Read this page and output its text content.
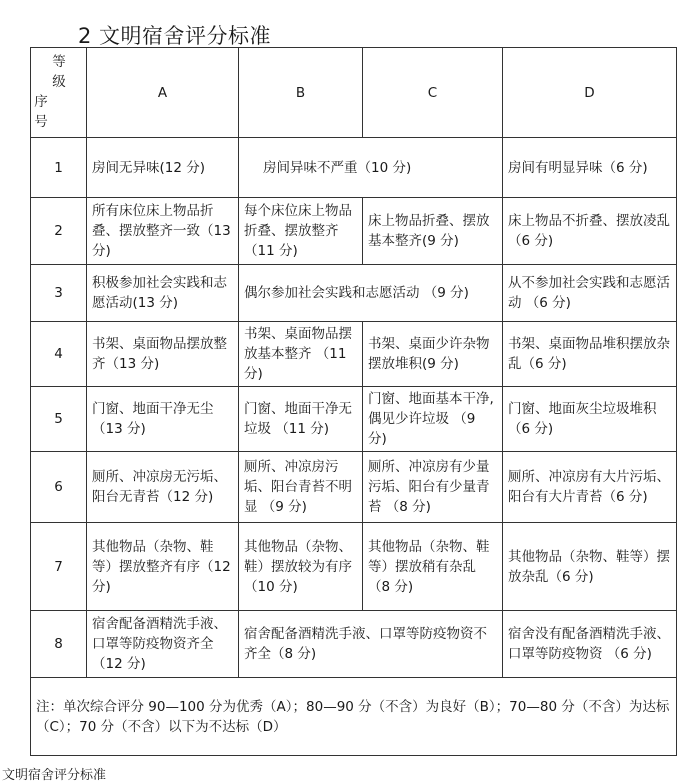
2 文明宿舍评分标准
等
级
序
号	A	B	C	D
1	房间无异味(12 分)	房间异味不严重（10 分)		房间有明显异味（6 分)
2	所有床位床上物品折叠、摆放整齐一致（13 分)	每个床位床上物品折叠、摆放整齐 （11 分)	床上物品折叠、摆放基本整齐(9 分)	床上物品不折叠、摆放凌乱（6 分)
3	积极参加社会实践和志愿活动(13 分)	偶尔参加社会实践和志愿活动 （9 分)		从不参加社会实践和志愿活动 （6 分)
4	书架、桌面物品摆放整齐（13 分)	书架、桌面物品摆放基本整齐 （11 分)	书架、桌面少许杂物摆放堆积(9 分)	书架、桌面物品堆积摆放杂乱（6 分)
5	门窗、地面干净无尘（13 分)	门窗、地面干净无垃圾 （11 分)	门窗、地面基本干净, 偶见少许垃圾 （9 分)	门窗、地面灰尘垃圾堆积（6 分)
6	厕所、冲凉房无污垢、阳台无青苔（12 分)	厕所、冲凉房污垢、阳台青苔不明显 （9 分)	厕所、冲凉房有少量污垢、阳台有少量青苔 （8 分)	厕所、冲凉房有大片污垢、阳台有大片青苔（6 分)
7	其他物品（杂物、鞋等）摆放整齐有序（12 分)	其他物品（杂物、鞋）摆放较为有序 （10 分)	其他物品（杂物、鞋等）摆放稍有杂乱 （8 分)	其他物品（杂物、鞋等）摆放杂乱（6 分)
8	宿舍配备酒精洗手液、口罩等防疫物资齐全（12 分)	宿舍配备酒精洗手液、口罩等防疫物资不齐全（8 分)		宿舍没有配备酒精洗手液、口罩等防疫物资 （6 分)
注：单次综合评分 90—100 分为优秀（A）；80—90 分（不含）为良好（B）；70—80 分（不含）为达标（C）；70 分（不含）以下为不达标（D）				
文明宿舍评分标准
